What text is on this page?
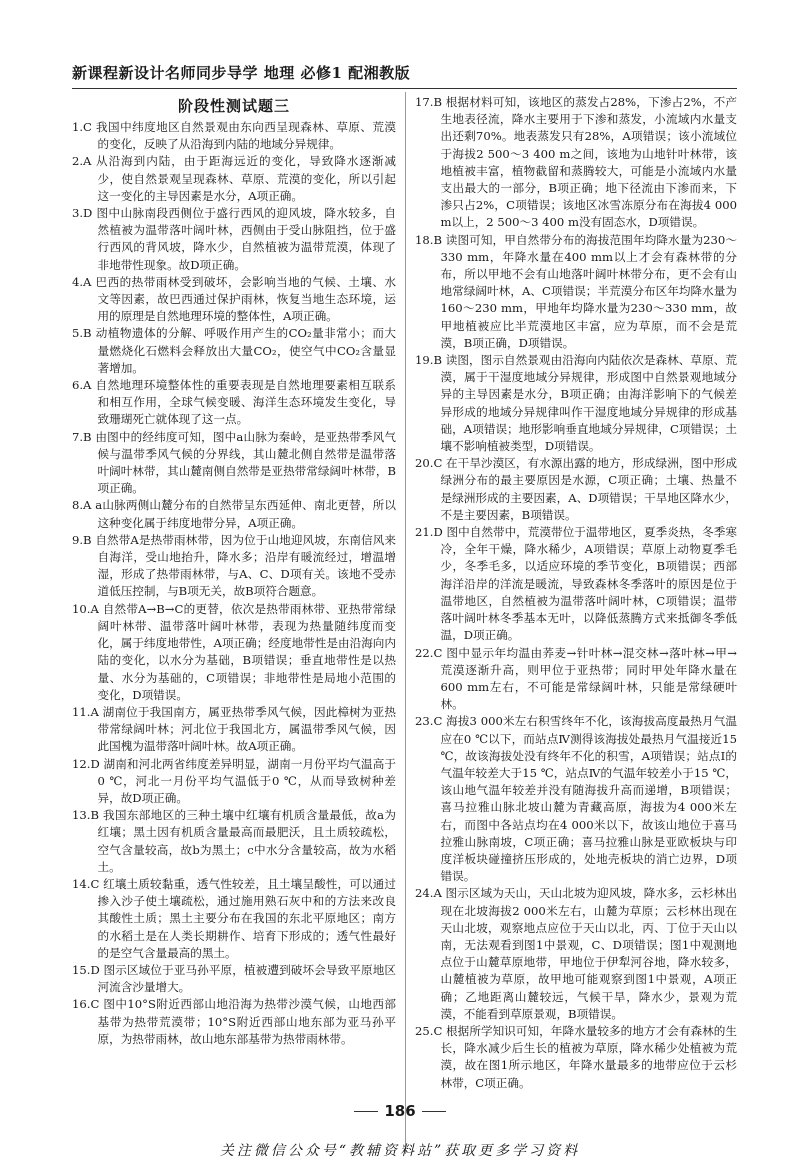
新课程新设计名师同步导学 地理 必修1 配湘教版
阶段性测试题三

1.C 我国中纬度地区自然景观由东向西呈现森林、草原、荒漠的变化，反映了从沿海到内陆的地域分异规律。

2.A 从沿海到内陆，由于距海远近的变化，导致降水逐渐减少，使自然景观呈现森林、草原、荒漠的变化，所以引起这一变化的主导因素是水分，A项正确。

3.D 图中山脉南段西侧位于盛行西风的迎风坡，降水较多，自然植被为温带落叶阔叶林，西侧由于受山脉阻挡，位于盛行西风的背风坡，降水少，自然植被为温带荒漠，体现了非地带性现象。故D项正确。

4.A 巴西的热带雨林受到破坏，会影响当地的气候、土壤、水文等因素，故巴西通过保护雨林，恢复当地生态环境，运用的原理是自然地理环境的整体性，A项正确。

5.B 动植物遗体的分解、呼吸作用产生的CO₂量非常小；而大量燃烧化石燃料会释放出大量CO₂，使空气中CO₂含量显著增加。

6.A 自然地理环境整体性的重要表现是自然地理要素相互联系和相互作用，全球气候变暖、海洋生态环境发生变化，导致珊瑚死亡就体现了这一点。

7.B 由图中的经纬度可知，图中a山脉为秦岭，是亚热带季风气候与温带季风气候的分界线，其山麓北侧自然带是温带落叶阔叶林带，其山麓南侧自然带是亚热带常绿阔叶林带，B项正确。

8.A a山脉两侧山麓分布的自然带呈东西延伸、南北更替，所以这种变化属于纬度地带分异，A项正确。

9.B 自然带A是热带雨林带，因为位于山地迎风坡，东南信风来自海洋，受山地抬升，降水多；沿岸有暖流经过，增温增湿，形成了热带雨林带，与A、C、D项有关。该地不受赤道低压控制，与B项无关，故B项符合题意。

10.A 自然带A→B→C的更替，依次是热带雨林带、亚热带常绿阔叶林带、温带落叶阔叶林带，表现为热量随纬度而变化，属于纬度地带性，A项正确；经度地带性是由沿海向内陆的变化，以水分为基础，B项错误；垂直地带性是以热量、水分为基础的，C项错误；非地带性是局地小范围的变化，D项错误。

11.A 湖南位于我国南方，属亚热带季风气候，因此樟树为亚热带常绿阔叶林；河北位于我国北方，属温带季风气候，因此国槐为温带落叶阔叶林。故A项正确。

12.D 湖南和河北两省纬度差异明显，湖南一月份平均气温高于0 ℃，河北一月份平均气温低于0 ℃，从而导致树种差异，故D项正确。

13.B 我国东部地区的三种土壤中红壤有机质含量最低，故a为红壤；黑土因有机质含量最高而最肥沃，且土质较疏松，空气含量较高，故b为黑土；c中水分含量较高，故为水稻土。

14.C 红壤土质较黏重，透气性较差，且土壤呈酸性，可以通过掺入沙子使土壤疏松，通过施用熟石灰中和的方法来改良其酸性土质；黑土主要分布在我国的东北平原地区；南方的水稻土是在人类长期耕作、培育下形成的；透气性最好的是空气含量最高的黑土。

15.D 图示区域位于亚马孙平原，植被遭到破坏会导致平原地区河流含沙量增大。

16.C 图中10°S附近西部山地沿海为热带沙漠气候，山地西部基带为热带荒漠带；10°S附近西部山地东部为亚马孙平原，为热带雨林，故山地东部基带为热带雨林带。

17.B 根据材料可知，该地区的蒸发占28%，下渗占2%，不产生地表径流，降水主要用于下渗和蒸发，小流域内水量支出还剩70%。地表蒸发只有28%，A项错误；该小流域位于海拔2 500～3 400 m之间，该地为山地针叶林带，该地植被丰富，植物截留和蒸腾较大，可能是小流域内水量支出最大的一部分，B项正确；地下径流由下渗而来，下渗只占2%，C项错误；该地区冰雪冻原分布在海拔4 000 m以上，2 500～3 400 m没有固态水，D项错误。

18.B 读图可知，甲自然带分布的海拔范围年均降水量为230～330 mm，年降水量在400 mm以上才会有森林带的分布，所以甲地不会有山地落叶阔叶林带分布，更不会有山地常绿阔叶林，A、C项错误；半荒漠分布区年均降水量为160～230 mm，甲地年均降水量为230～330 mm，故甲地植被应比半荒漠地区丰富，应为草原，而不会是荒漠，B项正确，D项错误。

19.B 读图，图示自然景观由沿海向内陆依次是森林、草原、荒漠，属于干湿度地域分异规律，形成图中自然景观地域分异的主导因素是水分，B项正确；由海洋影响下的气候差异形成的地域分异规律叫作干湿度地域分异规律的形成基础，A项错误；地形影响垂直地域分异规律，C项错误；土壤不影响植被类型，D项错误。

20.C 在干旱沙漠区，有水源出露的地方，形成绿洲，图中形成绿洲分布的最主要原因是水源，C项正确；土壤、热量不是绿洲形成的主要因素，A、D项错误；干旱地区降水少，不是主要因素，B项错误。

21.D 图中自然带中，荒漠带位于温带地区，夏季炎热，冬季寒冷，全年干燥，降水稀少，A项错误；草原上动物夏季毛少，冬季毛多，以适应环境的季节变化，B项错误；西部海洋沿岸的洋流是暖流，导致森林冬季落叶的原因是位于温带地区，自然植被为温带落叶阔叶林，C项错误；温带落叶阔叶林冬季基本无叶，以降低蒸腾方式来抵御冬季低温，D项正确。

22.C 图中显示年均温由荞麦→针叶林→混交林→落叶林→甲→荒漠逐渐升高，则甲位于亚热带；同时甲处年降水量在600 mm左右，不可能是常绿阔叶林，只能是常绿硬叶林。

23.C 海拔3 000米左右积雪终年不化，该海拔高度最热月气温应在0 ℃以下，而站点Ⅳ测得该海拔处最热月气温接近15 ℃，故该海拔处没有终年不化的积雪，A项错误；站点Ⅰ的气温年较差大于15 ℃，站点Ⅳ的气温年较差小于15 ℃，该山地气温年较差并没有随海拔升高而递增，B项错误；喜马拉雅山脉北坡山麓为青藏高原，海拔为4 000米左右，而图中各站点均在4 000米以下，故该山地位于喜马拉雅山脉南坡，C项正确；喜马拉雅山脉是亚欧板块与印度洋板块碰撞挤压形成的，处地壳板块的消亡边界，D项错误。

24.A 图示区域为天山，天山北坡为迎风坡，降水多，云杉林出现在北坡海拔2 000米左右，山麓为草原；云杉林出现在天山北坡，观察地点应位于天山以北，丙、丁位于天山以南，无法观看到图1中景观，C、D项错误；图1中观测地点位于山麓草原地带，甲地位于伊犁河谷地，降水较多，山麓植被为草原，故甲地可能观察到图1中景观，A项正确；乙地距离山麓较远，气候干旱，降水少，景观为荒漠，不能看到草原景观，B项错误。

25.C 根据所学知识可知，年降水量较多的地方才会有森林的生长，降水减少后生长的植被为草原，降水稀少处植被为荒漠，故在图1所示地区，年降水量最多的地带应位于云杉林带，C项正确。

186
关注微信公众号“教辅资料站”获取更多学习资料
